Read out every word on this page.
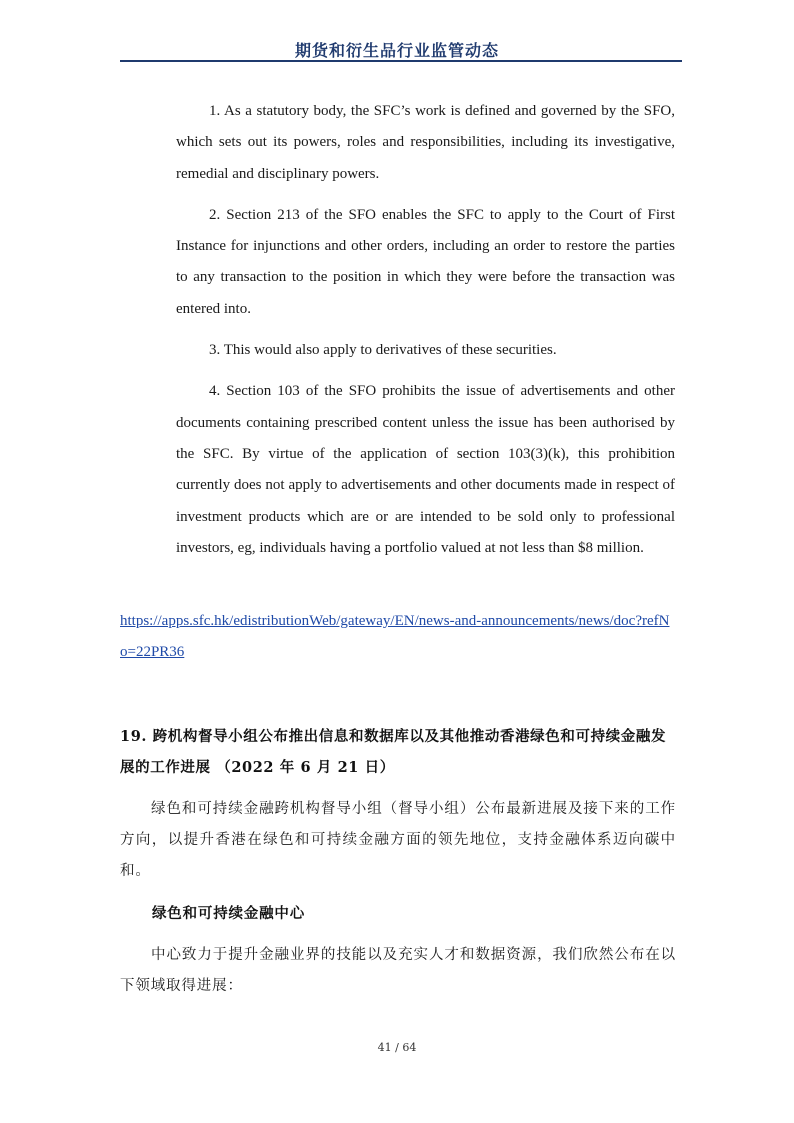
期货和衍生品行业监管动态

1. As a statutory body, the SFC’s work is defined and governed by the SFO, which sets out its powers, roles and responsibilities, including its investigative, remedial and disciplinary powers.

2. Section 213 of the SFO enables the SFC to apply to the Court of First Instance for injunctions and other orders, including an order to restore the parties to any transaction to the position in which they were before the transaction was entered into.

3. This would also apply to derivatives of these securities.

4. Section 103 of the SFO prohibits the issue of advertisements and other documents containing prescribed content unless the issue has been authorised by the SFC. By virtue of the application of section 103(3)(k), this prohibition currently does not apply to advertisements and other documents made in respect of investment products which are or are intended to be sold only to professional investors, eg, individuals having a portfolio valued at not less than $8 million.

https://apps.sfc.hk/edistributionWeb/gateway/EN/news-and-announcements/news/doc?refNo=22PR36
19. 跨机构督导小组公布推出信息和数据库以及其他推动香港绿色和可持续金融发展的工作进展 （2022 年 6 月 21 日）
绿色和可持续金融跨机构督导小组（督导小组）公布最新进展及接下来的工作方向，以提升香港在绿色和可持续金融方面的领先地位，支持金融体系迈向碳中和。
绿色和可持续金融中心
中心致力于提升金融业界的技能以及充实人才和数据资源，我们欣然公布在以下领域取得进展：
41 / 64
